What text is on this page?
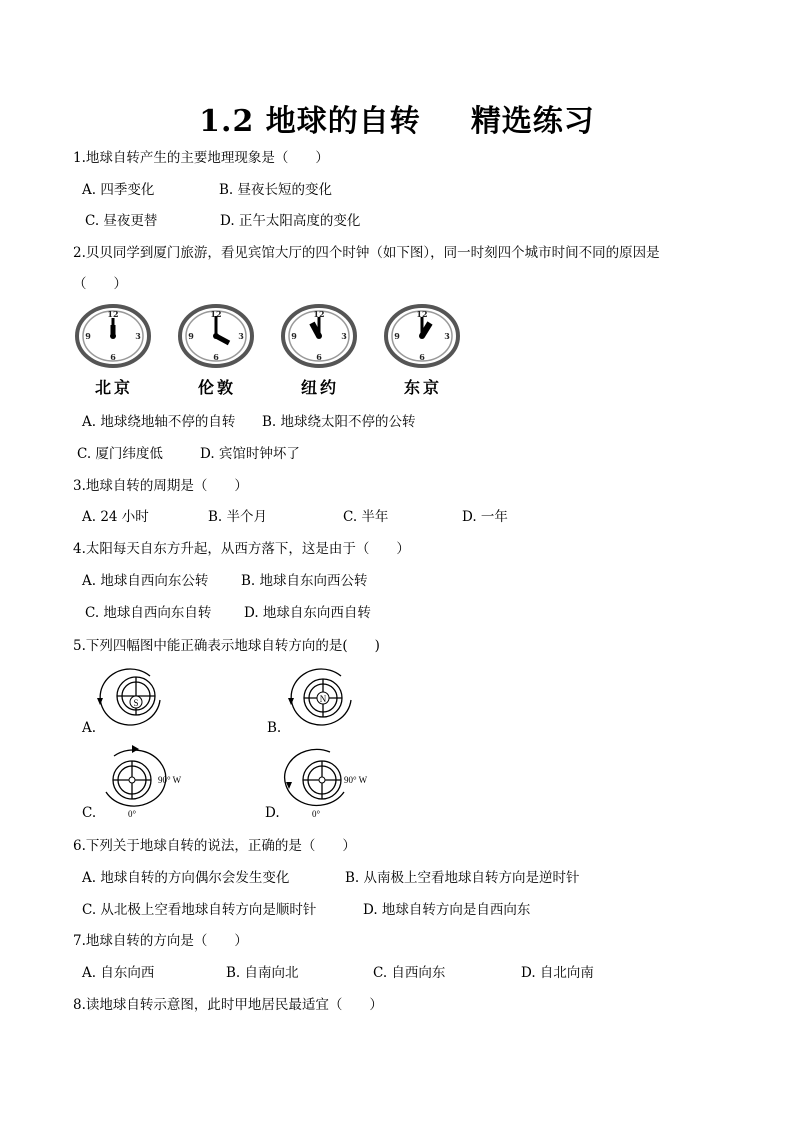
1.2 地球的自转 精选练习
1.地球自转产生的主要地理现象是（　　）
A. 四季变化	B. 昼夜长短的变化
C. 昼夜更替	D. 正午太阳高度的变化
2.贝贝同学到厦门旅游，看见宾馆大厅的四个时钟（如下图），同一时刻四个城市时间不同的原因是
（　　）
12
3
6
9
12
3
6
9
12
3
6
9
12
3
6
9
北京	伦敦	纽约	东京
A. 地球绕地轴不停的自转 B. 地球绕太阳不停的公转
C. 厦门纬度低	D. 宾馆时钟坏了
3.地球自转的周期是（　　）
A. 24 小时	B. 半个月	C. 半年	D. 一年
4.太阳每天自东方升起，从西方落下，这是由于（　　）
A. 地球自西向东公转 B. 地球自东向西公转
C. 地球自西向东自转 D. 地球自东向西自转
5.下列四幅图中能正确表示地球自转方向的是(　　)
S
A.
N
B.
90° W
0°
C.
90° W
0°
D.
6.下列关于地球自转的说法，正确的是（　　）
A. 地球自转的方向偶尔会发生变化	B. 从南极上空看地球自转方向是逆时针
C. 从北极上空看地球自转方向是顺时针	D. 地球自转方向是自西向东
7.地球自转的方向是（　　）
A. 自东向西	B. 自南向北	C. 自西向东	D. 自北向南
8.读地球自转示意图，此时甲地居民最适宜（　　）
